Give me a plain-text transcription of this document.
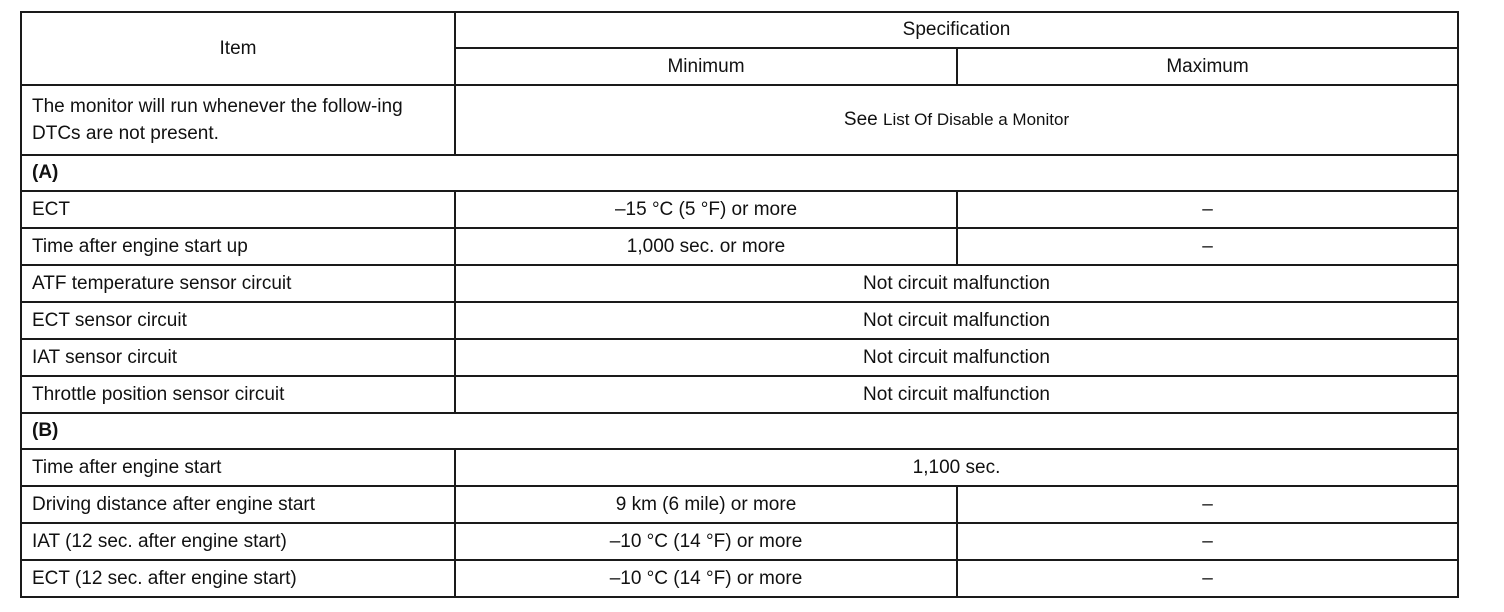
Item	Specification	
	Minimum	Maximum
The monitor will run whenever the follow-ing DTCs are not present.	See List Of Disable a Monitor	
(A)		
ECT	–15 °C (5 °F) or more	–
Time after engine start up	1,000 sec. or more	–
ATF temperature sensor circuit	Not circuit malfunction	
ECT sensor circuit	Not circuit malfunction	
IAT sensor circuit	Not circuit malfunction	
Throttle position sensor circuit	Not circuit malfunction	
(B)		
Time after engine start	1,100 sec.	
Driving distance after engine start	9 km (6 mile) or more	–
IAT (12 sec. after engine start)	–10 °C (14 °F) or more	–
ECT (12 sec. after engine start)	–10 °C (14 °F) or more	–
